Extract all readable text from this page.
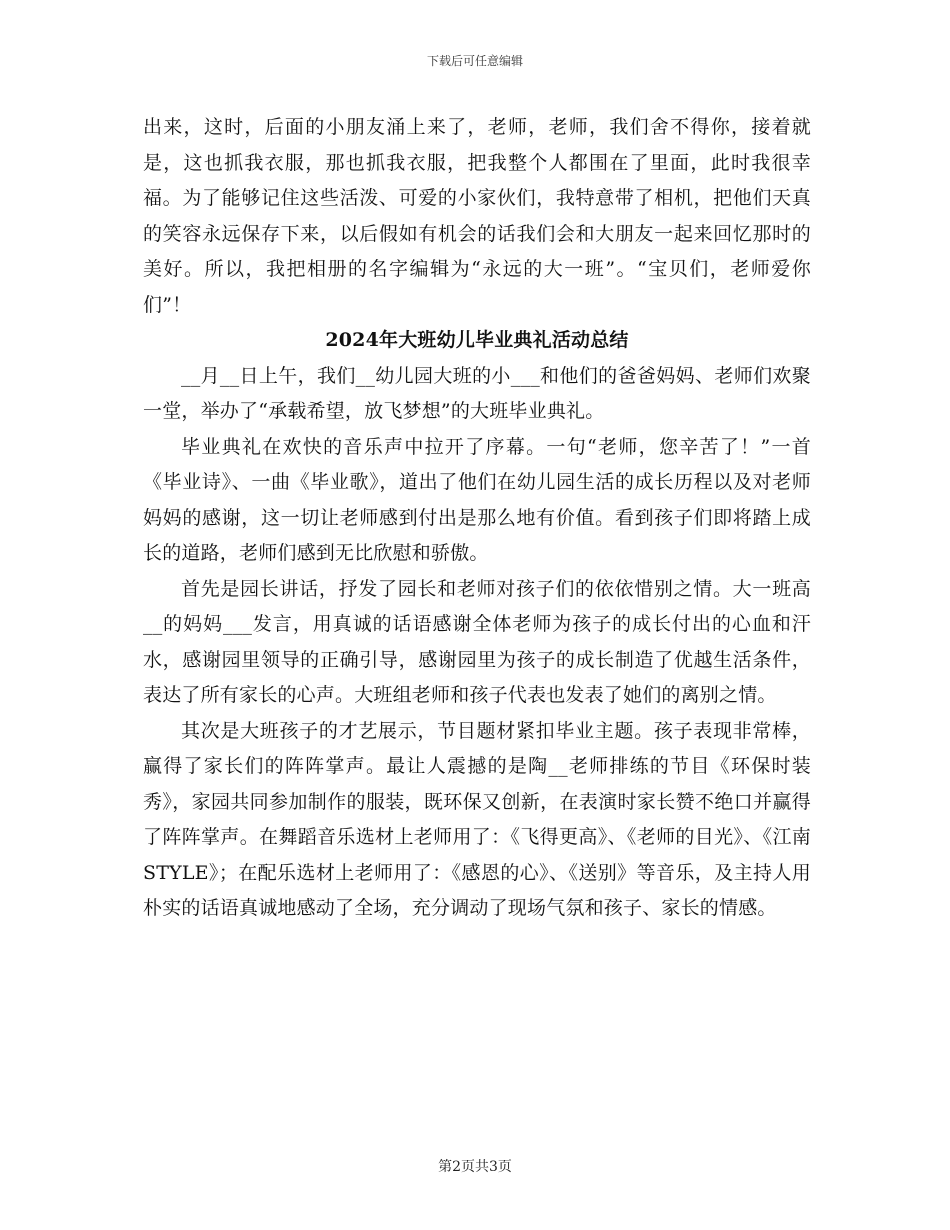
下载后可任意编辑

出来，这时，后面的小朋友涌上来了，老师，老师，我们舍不得你，接着就是，这也抓我衣服，那也抓我衣服，把我整个人都围在了里面，此时我很幸福。为了能够记住这些活泼、可爱的小家伙们，我特意带了相机，把他们天真的笑容永远保存下来，以后假如有机会的话我们会和大朋友一起来回忆那时的美好。所以，我把相册的名字编辑为“永远的大一班”。“宝贝们，老师爱你们”！

2024年大班幼儿毕业典礼活动总结

__月__日上午，我们__幼儿园大班的小___和他们的爸爸妈妈、老师们欢聚一堂，举办了“承载希望，放飞梦想”的大班毕业典礼。

毕业典礼在欢快的音乐声中拉开了序幕。一句“老师，您辛苦了！”一首《毕业诗》、一曲《毕业歌》，道出了他们在幼儿园生活的成长历程以及对老师妈妈的感谢，这一切让老师感到付出是那么地有价值。看到孩子们即将踏上成长的道路，老师们感到无比欣慰和骄傲。

首先是园长讲话，抒发了园长和老师对孩子们的依依惜别之情。大一班高__的妈妈___发言，用真诚的话语感谢全体老师为孩子的成长付出的心血和汗水，感谢园里领导的正确引导，感谢园里为孩子的成长制造了优越生活条件，表达了所有家长的心声。大班组老师和孩子代表也发表了她们的离别之情。

其次是大班孩子的才艺展示，节目题材紧扣毕业主题。孩子表现非常棒，赢得了家长们的阵阵掌声。最让人震撼的是陶__老师排练的节目《环保时装秀》，家园共同参加制作的服装，既环保又创新，在表演时家长赞不绝口并赢得了阵阵掌声。在舞蹈音乐选材上老师用了：《飞得更高》、《老师的目光》、《江南STYLE》；在配乐选材上老师用了：《感恩的心》、《送别》等音乐，及主持人用朴实的话语真诚地感动了全场，充分调动了现场气氛和孩子、家长的情感。

第2页共3页
